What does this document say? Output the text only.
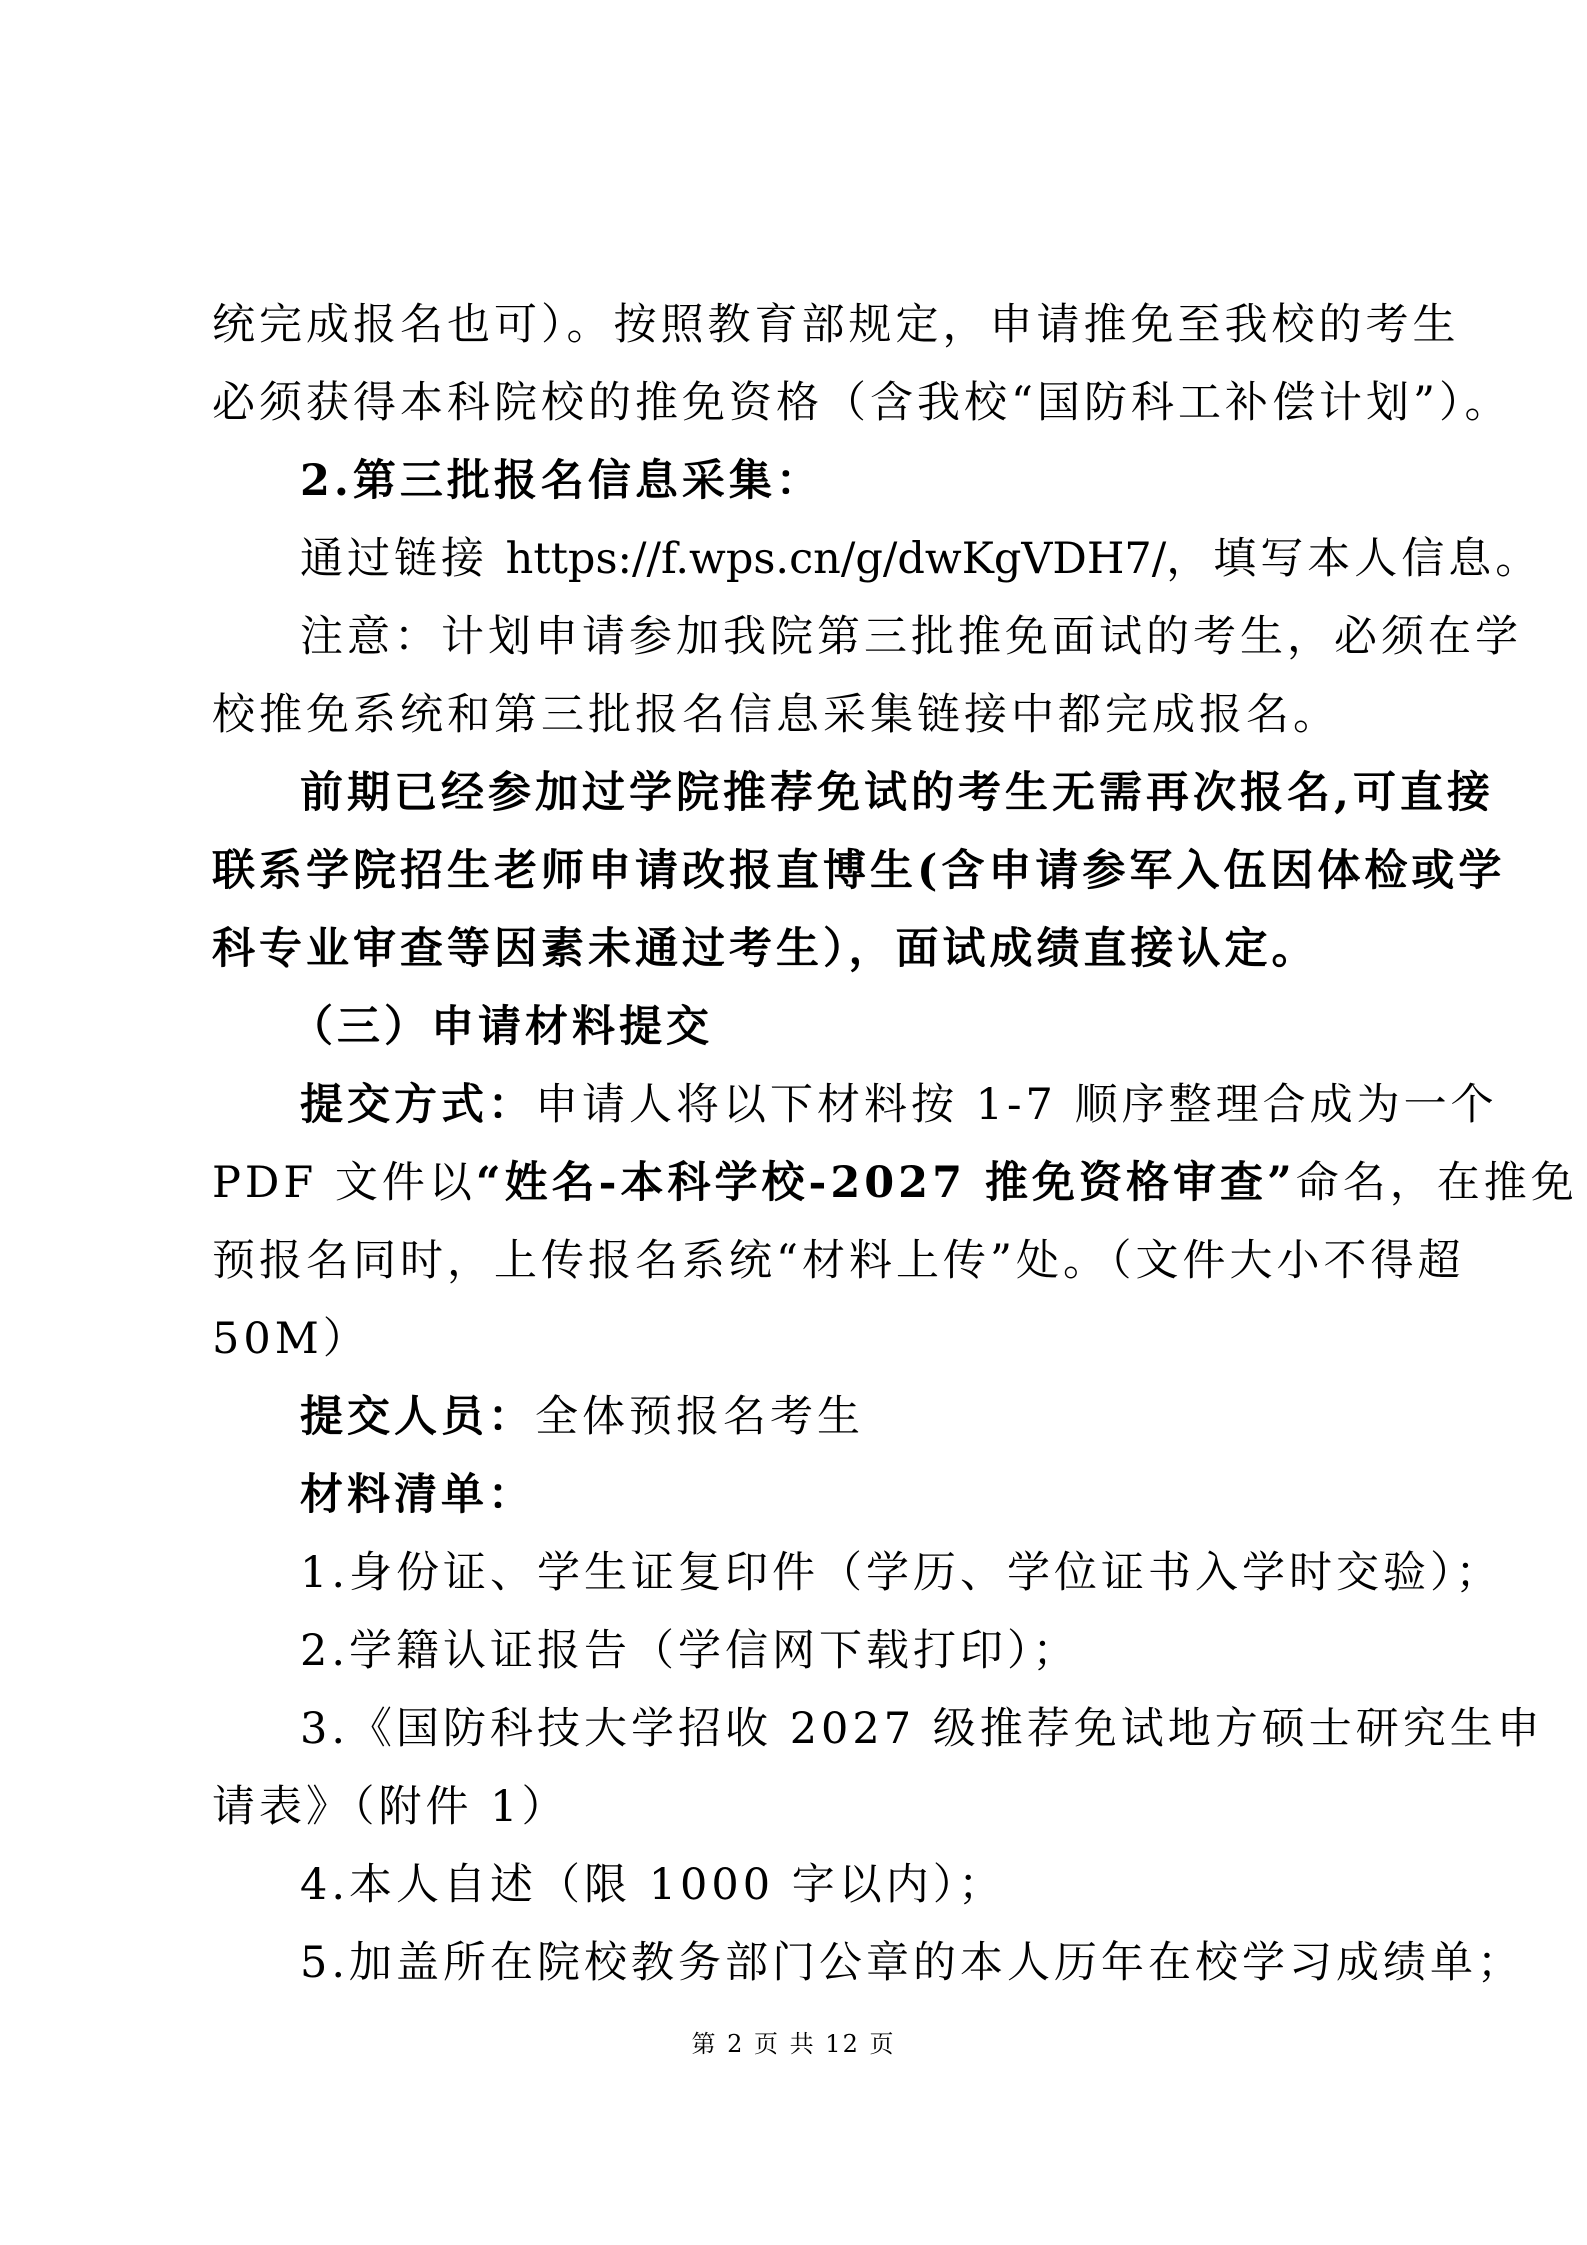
统完成报名也可）。按照教育部规定，申请推免至我校的考生
必须获得本科院校的推免资格（含我校“国防科工补偿计划”）。
2.第三批报名信息采集：
通过链接 https://f.wps.cn/g/dwKgVDH7/，填写本人信息。
注意：计划申请参加我院第三批推免面试的考生，必须在学
校推免系统和第三批报名信息采集链接中都完成报名。
前期已经参加过学院推荐免试的考生无需再次报名,可直接
联系学院招生老师申请改报直博生(含申请参军入伍因体检或学
科专业审查等因素未通过考生），面试成绩直接认定。
（三）申请材料提交
提交方式：申请人将以下材料按 1-7 顺序整理合成为一个
PDF 文件以“姓名-本科学校-2027 推免资格审查”命名，在推免
预报名同时，上传报名系统“材料上传”处。（文件大小不得超
50M）
提交人员：全体预报名考生
材料清单：
1.身份证、学生证复印件（学历、学位证书入学时交验）；
2.学籍认证报告（学信网下载打印）；
3.《国防科技大学招收 2027 级推荐免试地方硕士研究生申
请表》（附件 1）
4.本人自述（限 1000 字以内）；
5.加盖所在院校教务部门公章的本人历年在校学习成绩单；
第 2 页 共 12 页
